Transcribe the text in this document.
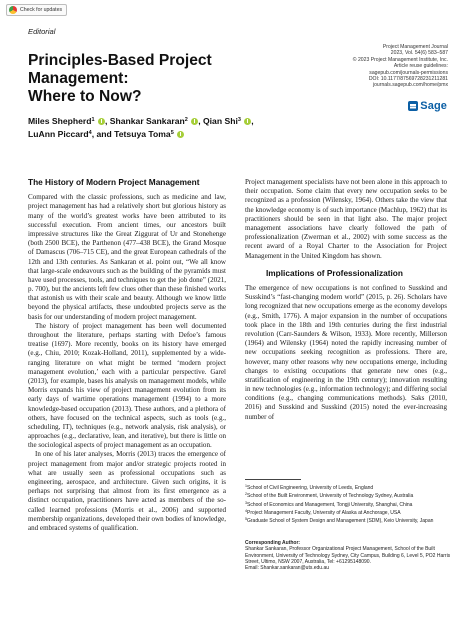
Check for updates
Editorial
Project Management Journal
2023, Vol. 54(6) 583–587
© 2023 Project Management Institute, Inc.
Article reuse guidelines:
sagepub.com/journals-permissions
DOI: 10.1177/87569728231211281
journals.sagepub.com/home/pmx
Sage
Principles-Based Project Management:
Where to Now?
Miles Shepherd$^1$ , Shankar Sankaran$^2$ , Qian Shi$^3$ ,
LuAnn Piccard$^4$, and Tetsuya Toma$^5$
The History of Modern Project Management

Compared with the classic professions, such as medicine and law, project management has had a relatively short but glorious history as many of the world’s greatest works have been attributed to its successful execution. From ancient times, our ancestors built impressive structures like the Great Ziggurat of Ur and Stonehenge (both 2500 BCE), the Parthenon (477–438 BCE), the Grand Mosque of Damascus (706–715 CE), and the great European cathedrals of the 12th and 13th centuries. As Sankaran et al. point out, “We all know that large-scale endeavours such as the building of the pyramids must have used processes, tools, and techniques to get the job done” (2021, p. 700), but the ancients left few clues other than these finished works that astonish us with their scale and beauty. Although we know little beyond the physical artifacts, these undoubted projects serve as the basis for our understanding of modern project management.

The history of project management has been well documented throughout the literature, perhaps starting with Defoe’s famous treatise (1697). More recently, books on its history have emerged (e.g., Chiu, 2010; Kozak-Holland, 2011), supplemented by a wide-ranging literature on what might be termed ‘modern project management evolution,’ each with a particular perspective. Garel (2013), for example, bases his analysis on management models, while Morris expands his view of project management evolution from its early days of wartime operations management (1994) to a more knowledge-based occupation (2013). These authors, and a plethora of others, have focused on the technical aspects, such as tools (e.g., scheduling, IT), techniques (e.g., network analysis, risk analysis), or approaches (e.g., declarative, lean, and iterative), but there is little on the sociological aspects of project management as an occupation.

In one of his later analyses, Morris (2013) traces the emergence of project management from major and/or strategic projects rooted in what are usually seen as professional occupations such as engineering, aerospace, and architecture. Given such origins, it is perhaps not surprising that almost from its first emergence as a distinct occupation, practitioners have acted as members of the so-called learned professions (Morris et al., 2006) and supported membership organizations, developed their own bodies of knowledge, and embraced systems of qualification.

Project management specialists have not been alone in this approach to their occupation. Some claim that every new occupation seeks to be recognized as a profession (Wilensky, 1964). Others take the view that the knowledge economy is of such importance (Machlup, 1962) that its practitioners should be seen in that light also. The major project management associations have clearly followed the path of professionalization (Zwerman et al., 2002) with some success as the recent award of a Royal Charter to the Association for Project Management in the United Kingdom has shown.

Implications of Professionalization

The emergence of new occupations is not confined to Susskind and Susskind’s “fast-changing modern world” (2015, p. 26). Scholars have long recognized that new occupations emerge as the economy develops (e.g., Smith, 1776). A major expansion in the number of occupations took place in the 18th and 19th centuries during the first industrial revolution (Carr-Saunders & Wilson, 1933). More recently, Millerson (1964) and Wilensky (1964) noted the rapidly increasing number of new occupations seeking recognition as professions. There are, however, many other reasons why new occupations emerge, including changes to existing occupations that generate new ones (e.g., stratification of engineering in the 19th century); innovation resulting in new technologies (e.g., information technology); and differing social conditions (e.g., changing communications methods). Saks (2010, 2016) and Susskind and Susskind (2015) noted the ever-increasing number of

$^1$School of Civil Engineering, University of Leeds, England
$^2$School of the Built Environment, University of Technology Sydney, Australia
$^3$School of Economics and Management, Tongji University, Shanghai, China
$^4$Project Management Faculty, University of Alaska at Anchorage, USA
$^5$Graduate School of System Design and Management (SDM), Keio University, Japan
Corresponding Author:
Shankar Sankaran, Professor Organizational Project Management, School of the Built Environment, University of Technology Sydney, City Campus, Building 6, Level 5, PO2 Harris Street, Ultimo, NSW 2007, Australia, Tel: +61295148090.
Email: Shankar.sankaran@uts.edu.au
